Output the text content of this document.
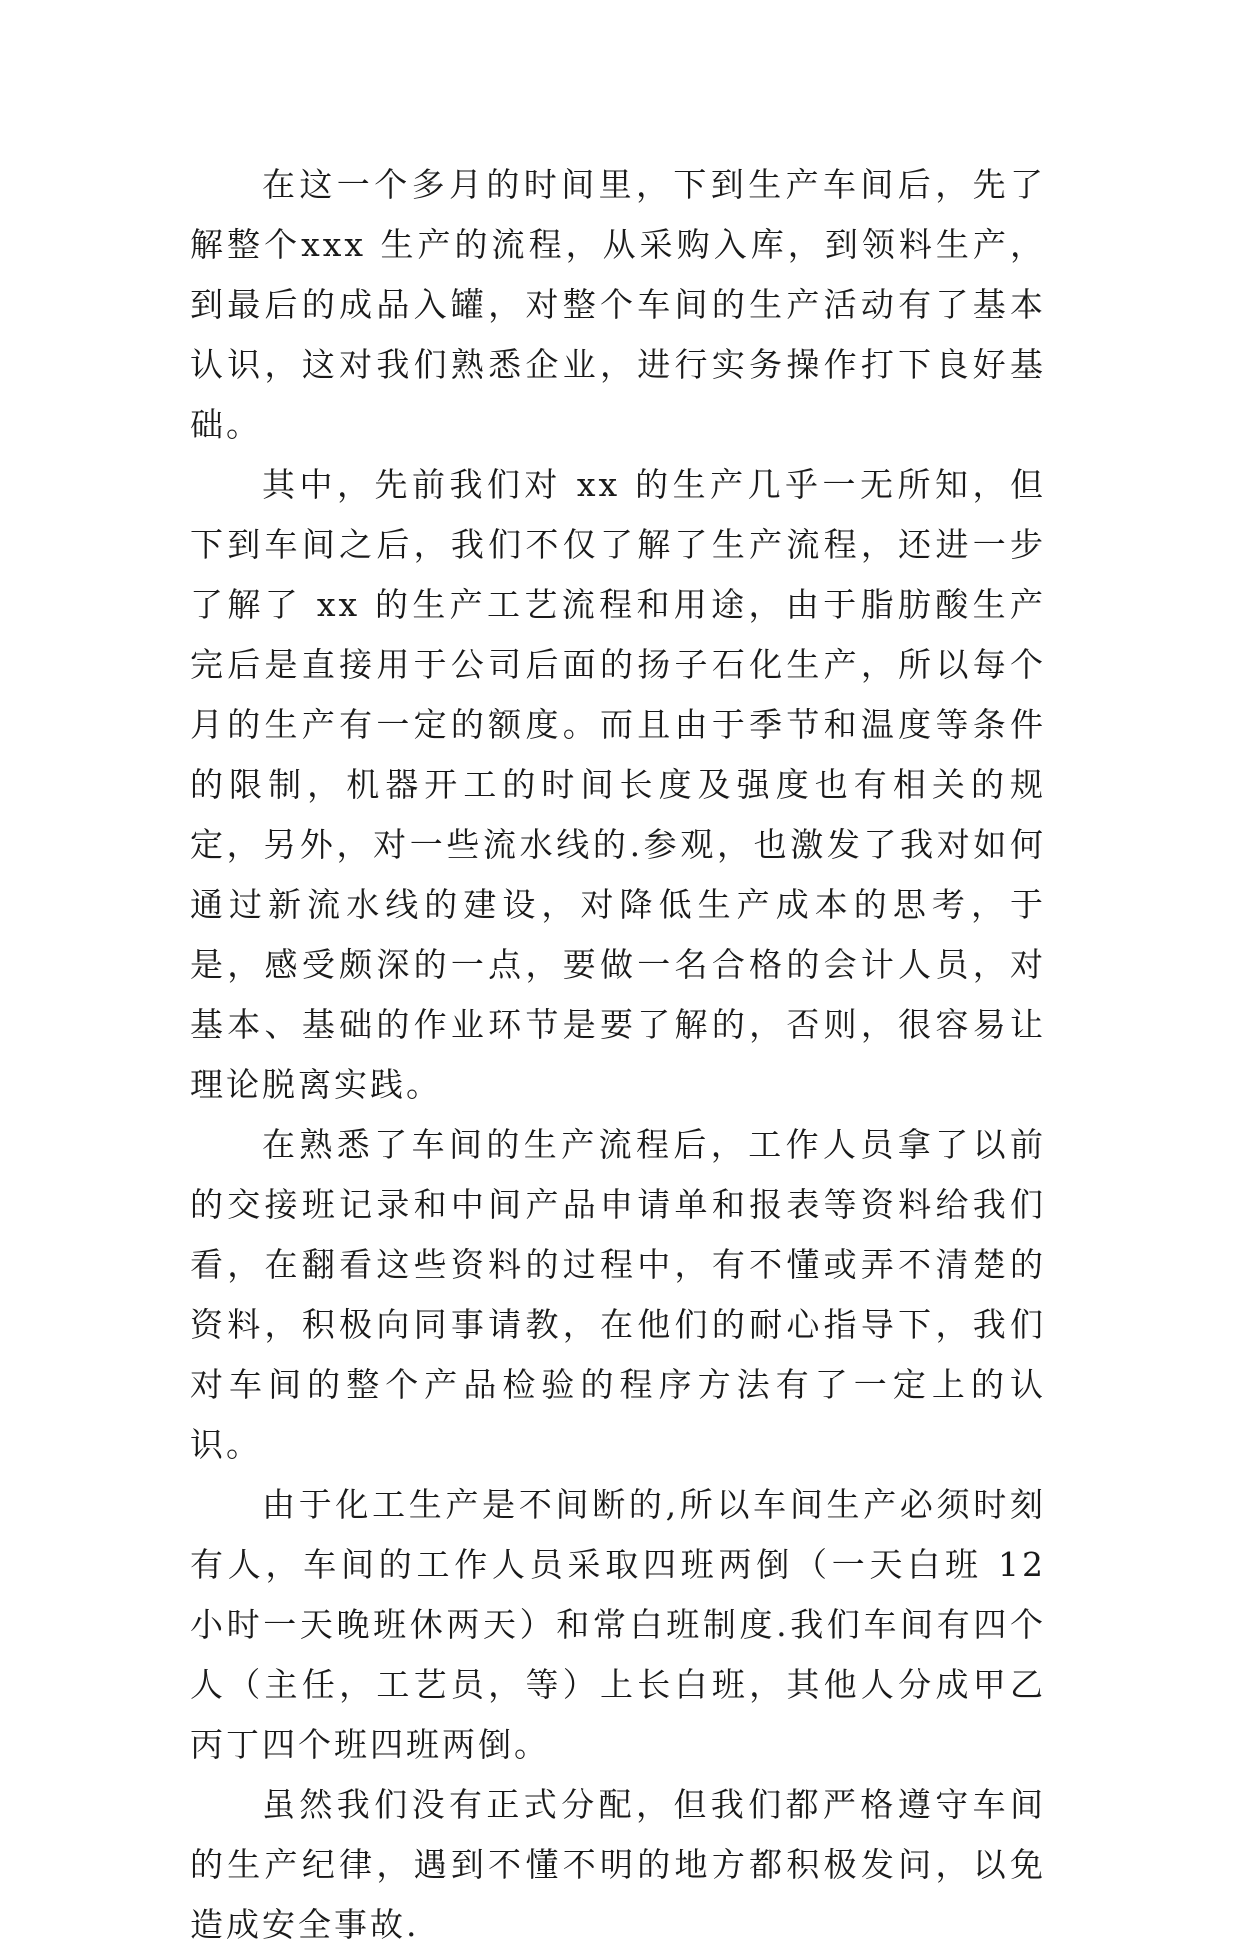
在这一个多月的时间里，下到生产车间后，先了解整个xxx 生产的流程，从采购入库，到领料生产，到最后的成品入罐，对整个车间的生产活动有了基本认识，这对我们熟悉企业，进行实务操作打下良好基础。

其中，先前我们对 xx 的生产几乎一无所知，但下到车间之后，我们不仅了解了生产流程，还进一步了解了 xx 的生产工艺流程和用途，由于脂肪酸生产完后是直接用于公司后面的扬子石化生产，所以每个月的生产有一定的额度。而且由于季节和温度等条件的限制，机器开工的时间长度及强度也有相关的规定，另外，对一些流水线的.参观，也激发了我对如何通过新流水线的建设，对降低生产成本的思考，于是，感受颇深的一点，要做一名合格的会计人员，对基本、基础的作业环节是要了解的，否则，很容易让理论脱离实践。

在熟悉了车间的生产流程后，工作人员拿了以前的交接班记录和中间产品申请单和报表等资料给我们看，在翻看这些资料的过程中，有不懂或弄不清楚的资料，积极向同事请教，在他们的耐心指导下，我们对车间的整个产品检验的程序方法有了一定上的认识。

由于化工生产是不间断的,所以车间生产必须时刻有人，车间的工作人员采取四班两倒（一天白班 12 小时一天晚班休两天）和常白班制度.我们车间有四个人（主任，工艺员，等）上长白班，其他人分成甲乙丙丁四个班四班两倒。

虽然我们没有正式分配，但我们都严格遵守车间的生产纪律，遇到不懂不明的地方都积极发问，以免造成安全事故.
